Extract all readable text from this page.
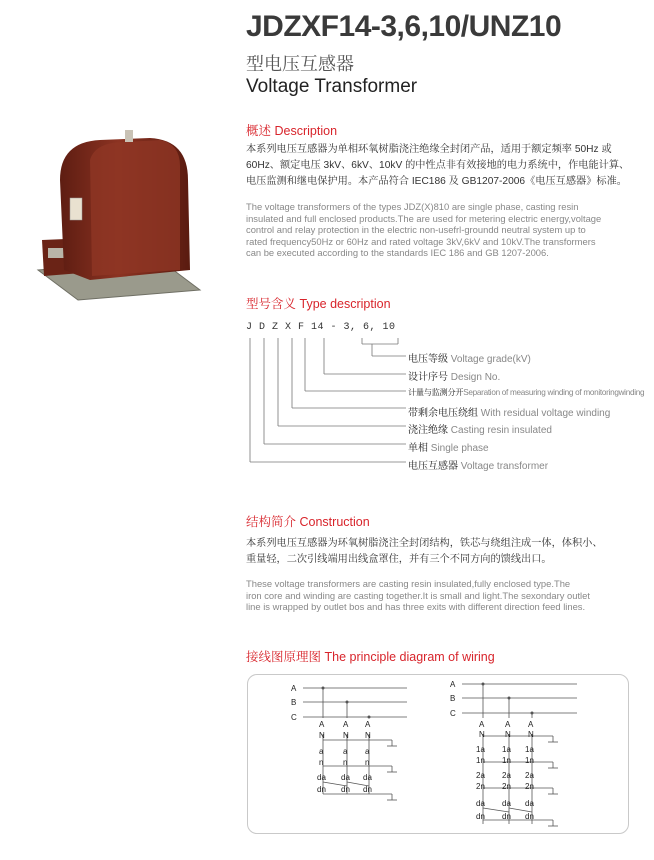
JDZXF14-3,6,10/UNZ10
型电压互感器
Voltage Transformer
概述 Description
本系列电压互感器为单相环氧树脂浇注绝缘全封闭产品，适用于额定频率 50Hz 或
60Hz、额定电压 3kV、6kV、10kV 的中性点非有效接地的电力系统中，作电能计算、
电压监测和继电保护用。本产品符合 IEC186 及 GB1207-2006《电压互感器》标准。
The voltage transformers of the types JDZ(X)810 are single phase, casting resin
insulated and full enclosed products.The are used for metering electric energy,voltage
control and relay protection in the electric non-usefrl-groundd neutral system up to
rated frequency50Hz or 60Hz and rated voltage 3kV,6kV and 10kV.The transformers
can be executed according to the standards IEC 186 and GB 1207-2006.
型号含义 Type description
J D Z X F 14 - 3, 6, 10
电压等级 Voltage grade(kV)
设计序号 Design No.
计量与监测分开Separation of measuring winding of monitoringwinding
带剩余电压绕组 With residual voltage winding
浇注绝缘 Casting resin insulated
单相 Single phase
电压互感器 Voltage transformer
结构简介 Construction
本系列电压互感器为环氧树脂浇注全封闭结构，铁芯与绕组注成一体，体积小、
重量轻，二次引线端用出线盒罩住，并有三个不同方向的馈线出口。
These voltage transformers are casting resin insulated,fully enclosed type.The
iron core and winding are casting together.It is small and light.The sexondary outlet
line is wrapped by outlet bos and has three exits with different direction feed lines.
接线图原理图 The principle diagram of wiring
A
B
C
A
B
C
A A A
N N N
a a a
n n n
da da da
dn dn dn
A	A A
N	N N
1a 1a 1a
1n 1n 1n
2a 2a 2a
2n 2n 2n
da da da
dn dn dn
